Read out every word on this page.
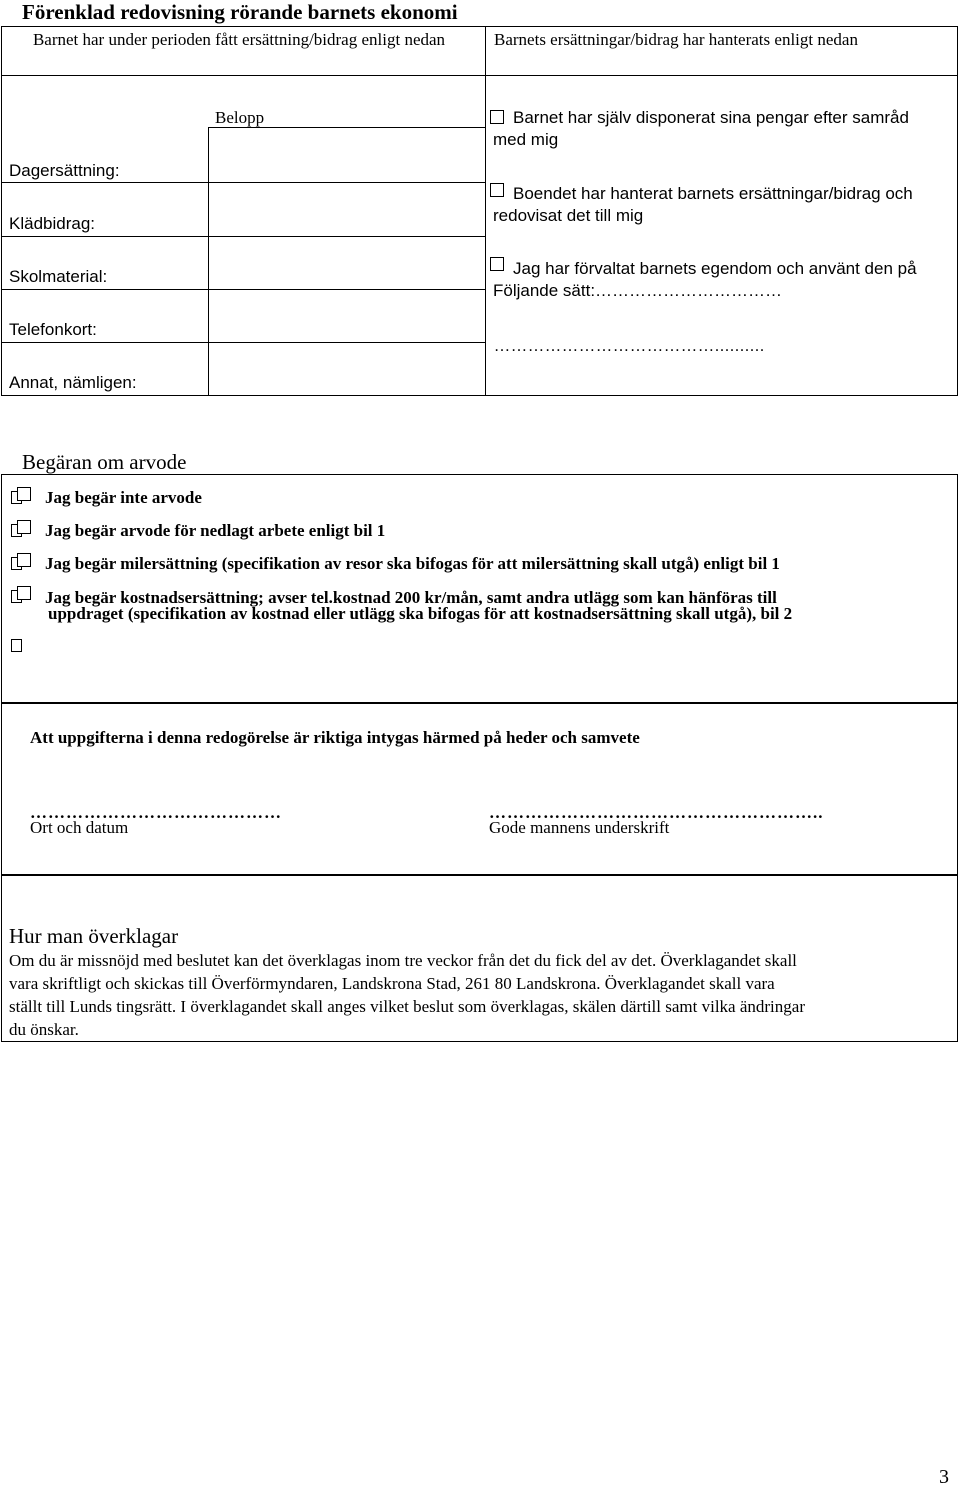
Förenklad redovisning rörande barnets ekonomi
Barnet har under perioden fått ersättning/bidrag enligt nedan	Barnets ersättningar/bidrag har hanterats enligt nedan
Belopp
Dagersättning:
Klädbidrag:
Skolmaterial:
Telefonkort:
Annat, nämligen:
Barnet har själv disponerat sina pengar efter samråd med mig
Boendet har hanterat barnets ersättningar/bidrag och redovisat det till mig
Jag har förvaltat barnets egendom och använt den på Följande sätt:……………………………
…………………………………..........
Begäran om arvode
Jag begär inte arvode
Jag begär arvode för nedlagt arbete enligt bil 1
Jag begär milersättning (specifikation av resor ska bifogas för att milersättning skall utgå) enligt bil 1
Jag begär kostnadsersättning; avser tel.kostnad 200 kr/mån, samt andra utlägg som kan hänföras till
uppdraget (specifikation av kostnad eller utlägg ska bifogas för att kostnadsersättning skall utgå), bil 2
Att uppgifterna i denna redogörelse är riktiga intygas härmed på heder och samvete
……………………………………
Ort och datum
………………………………………………..
Gode mannens underskrift
Hur man överklagar
Om du är missnöjd med beslutet kan det överklagas inom tre veckor från det du fick del av det. Överklagandet skall
vara skriftligt och skickas till Överförmyndaren, Landskrona Stad, 261 80 Landskrona. Överklagandet skall vara
ställt till Lunds tingsrätt. I överklagandet skall anges vilket beslut som överklagas, skälen därtill samt vilka ändringar
du önskar.
3
